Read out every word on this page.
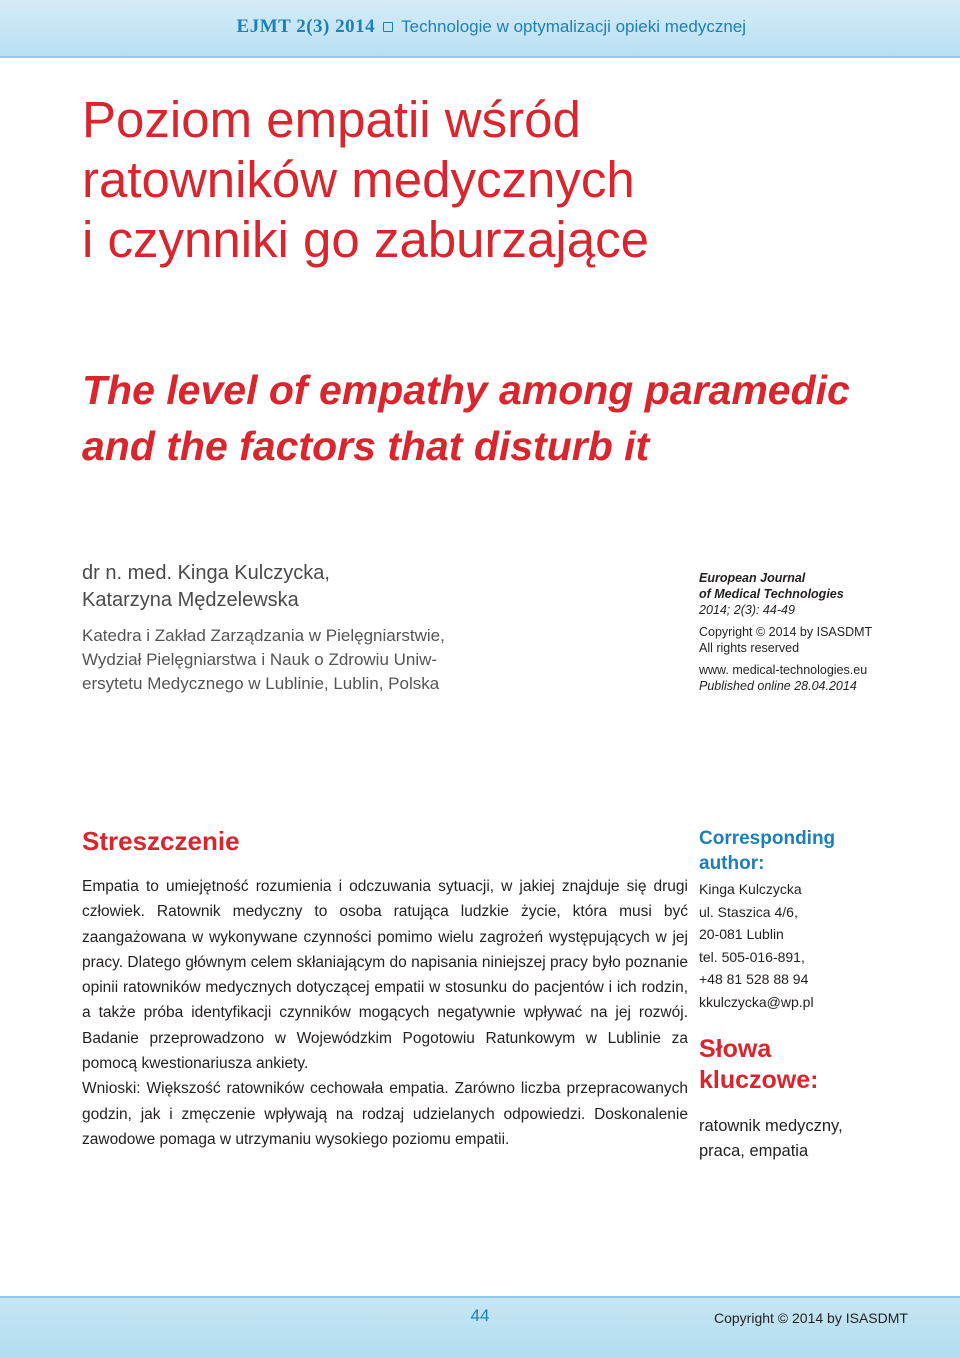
EJMT 2(3) 2014 Technologie w optymalizacji opieki medycznej
Poziom empatii wśród
ratowników medycznych
i czynniki go zaburzające
The level of empathy among paramedic
and the factors that disturb it
dr n. med. Kinga Kulczycka,
Katarzyna Mędzelewska
Katedra i Zakład Zarządzania w Pielęgniarstwie,
Wydział Pielęgniarstwa i Nauk o Zdrowiu Uniw-
ersytetu Medycznego w Lublinie, Lublin, Polska
European Journal
of Medical Technologies
2014; 2(3): 44-49
Copyright © 2014 by ISASDMT
All rights reserved
www. medical-technologies.eu
Published online 28.04.2014
Streszczenie

Empatia to umiejętność rozumienia i odczuwania sytuacji, w jakiej znajduje się drugi człowiek. Ratownik medyczny to osoba ratująca ludzkie życie, która musi być zaangażowana w wykonywane czynności pomimo wielu zagrożeń występujących w jej pracy. Dlatego głównym celem skłaniającym do napisania niniejszej pracy było poznanie opinii ratowników medycznych dotyczącej empatii w stosunku do pacjentów i ich rodzin, a także próba identyfikacji czynników mogących negatywnie wpływać na jej rozwój. Badanie przeprowadzono w Wojewódzkim Pogotowiu Ratunkowym w Lublinie za pomocą kwestionariusza ankiety.

Wnioski: Większość ratowników cechowała empatia. Zarówno liczba przepracowanych godzin, jak i zmęczenie wpływają na rodzaj udzielanych odpowiedzi. Doskonalenie zawodowe pomaga w utrzymaniu wysokiego poziomu empatii.

Corresponding
author:
Kinga Kulczycka
ul. Staszica 4/6,
20-081 Lublin
tel. 505-016-891,
+48 81 528 88 94
kkulczycka@wp.pl
Słowa
kluczowe:
ratownik medyczny,
praca, empatia
44	Copyright © 2014 by ISASDMT
